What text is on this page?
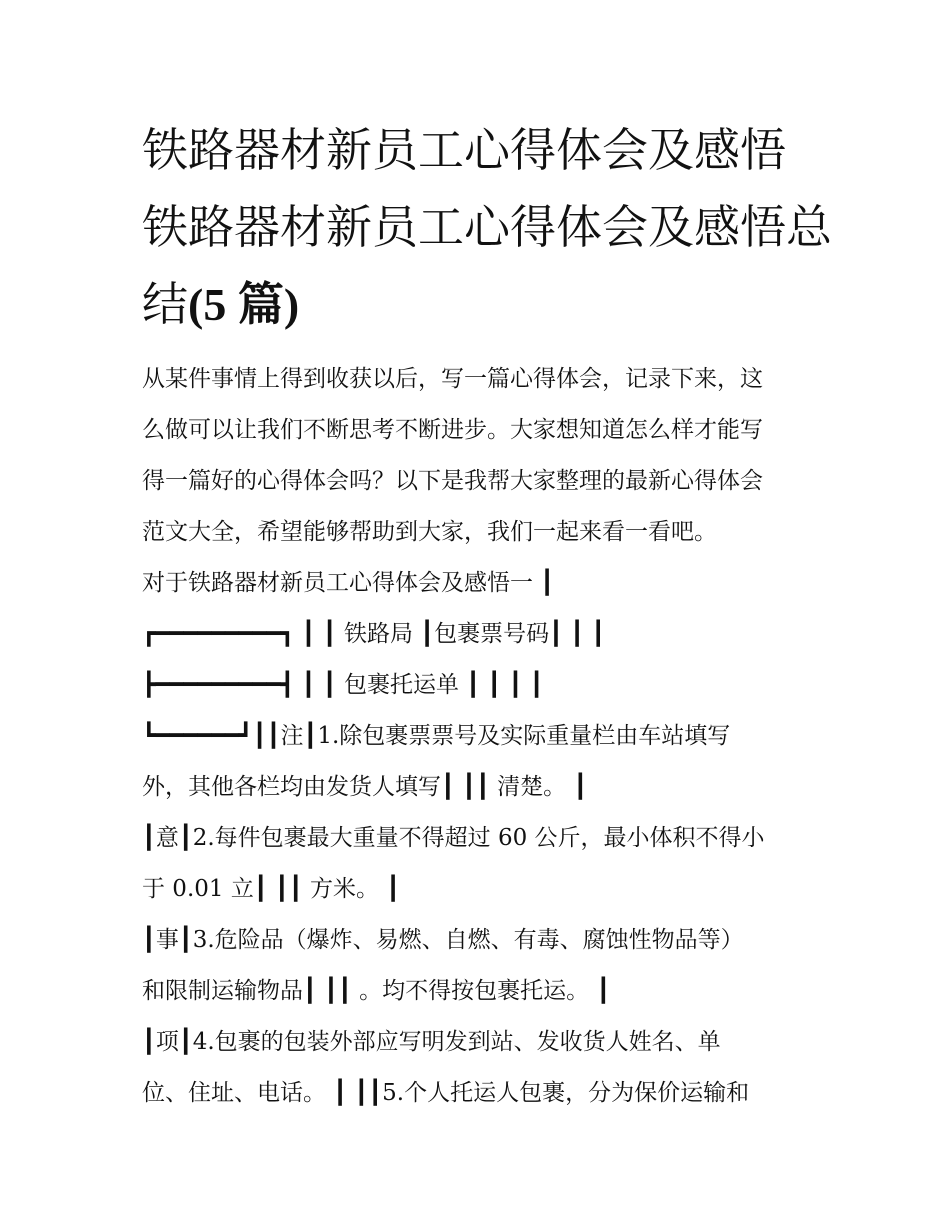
铁路器材新员工心得体会及感悟 铁路器材新员工心得体会及感悟总结(5 篇)
从某件事情上得到收获以后，写一篇心得体会，记录下来，这
么做可以让我们不断思考不断进步。大家想知道怎么样才能写
得一篇好的心得体会吗？以下是我帮大家整理的最新心得体会
范文大全，希望能够帮助到大家，我们一起来看一看吧。
对于铁路器材新员工心得体会及感悟一 ┃
┏━━━━━━━━━┓ ┃ ┃ 铁路局 ┃包裹票号码┃ ┃ ┃
┣━━━━━━━━━┫ ┃ ┃ 包裹托运单 ┃ ┃ ┃ ┃
┗━━━━━━┛┃┃注┃1.除包裹票票号及实际重量栏由车站填写
外，其他各栏均由发货人填写┃ ┃┃ 清楚。 ┃
┃意┃2.每件包裹最大重量不得超过 60 公斤，最小体积不得小
于 0.01 立┃ ┃┃ 方米。 ┃
┃事┃3.危险品（爆炸、易燃、自燃、有毒、腐蚀性物品等）
和限制运输物品┃ ┃┃ 。均不得按包裹托运。 ┃
┃项┃4.包裹的包装外部应写明发到站、发收货人姓名、单
位、住址、电话。 ┃ ┃┃5.个人托运人包裹，分为保价运输和
